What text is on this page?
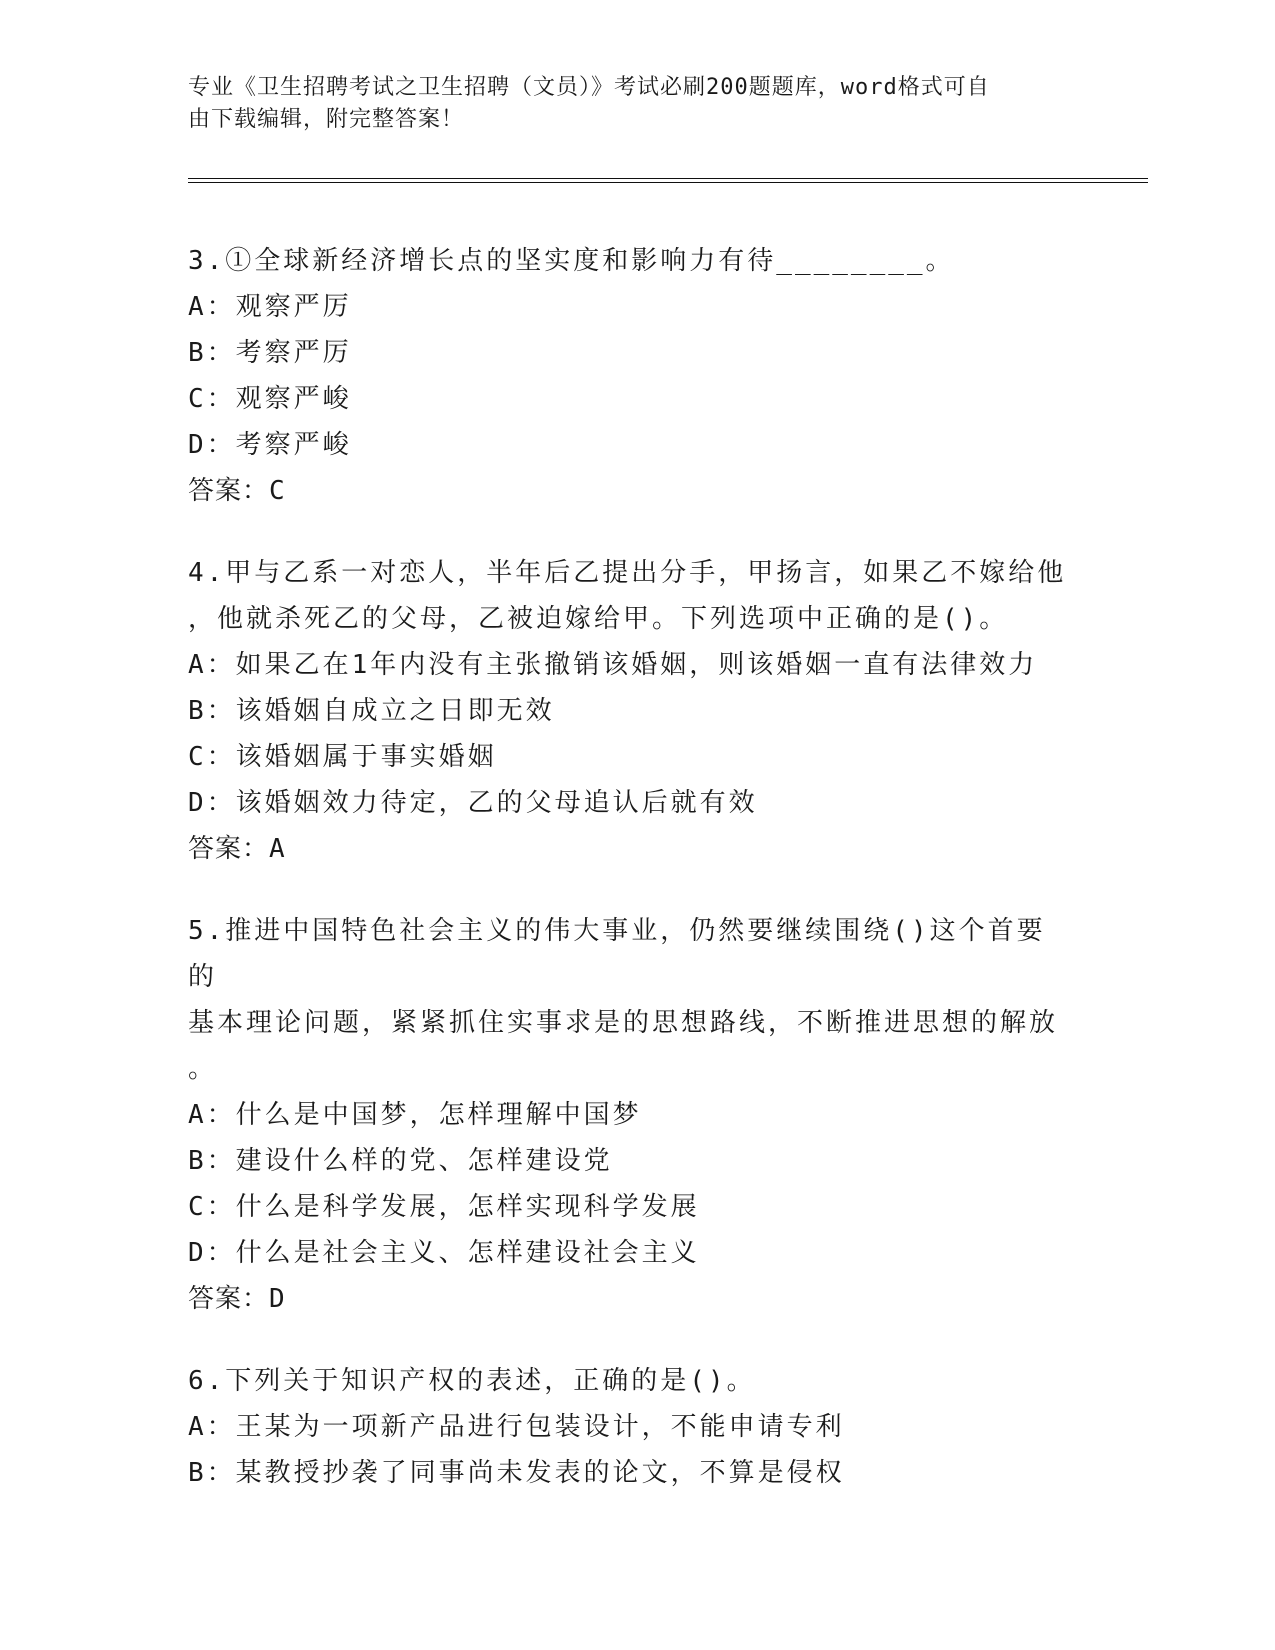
专业《卫生招聘考试之卫生招聘（文员）》考试必刷200题题库，word格式可自
由下载编辑，附完整答案！

3.①全球新经济增长点的坚实度和影响力有待________。

A：观察严厉

B：考察严厉

C：观察严峻

D：考察严峻

答案：C

4.甲与乙系一对恋人，半年后乙提出分手，甲扬言，如果乙不嫁给他

，他就杀死乙的父母，乙被迫嫁给甲。下列选项中正确的是()。

A：如果乙在1年内没有主张撤销该婚姻，则该婚姻一直有法律效力

B：该婚姻自成立之日即无效

C：该婚姻属于事实婚姻

D：该婚姻效力待定，乙的父母追认后就有效

答案：A

5.推进中国特色社会主义的伟大事业，仍然要继续围绕()这个首要的

基本理论问题，紧紧抓住实事求是的思想路线，不断推进思想的解放

。

A：什么是中国梦，怎样理解中国梦

B：建设什么样的党、怎样建设党

C：什么是科学发展，怎样实现科学发展

D：什么是社会主义、怎样建设社会主义

答案：D

6.下列关于知识产权的表述，正确的是()。

A：王某为一项新产品进行包装设计，不能申请专利

B：某教授抄袭了同事尚未发表的论文，不算是侵权
